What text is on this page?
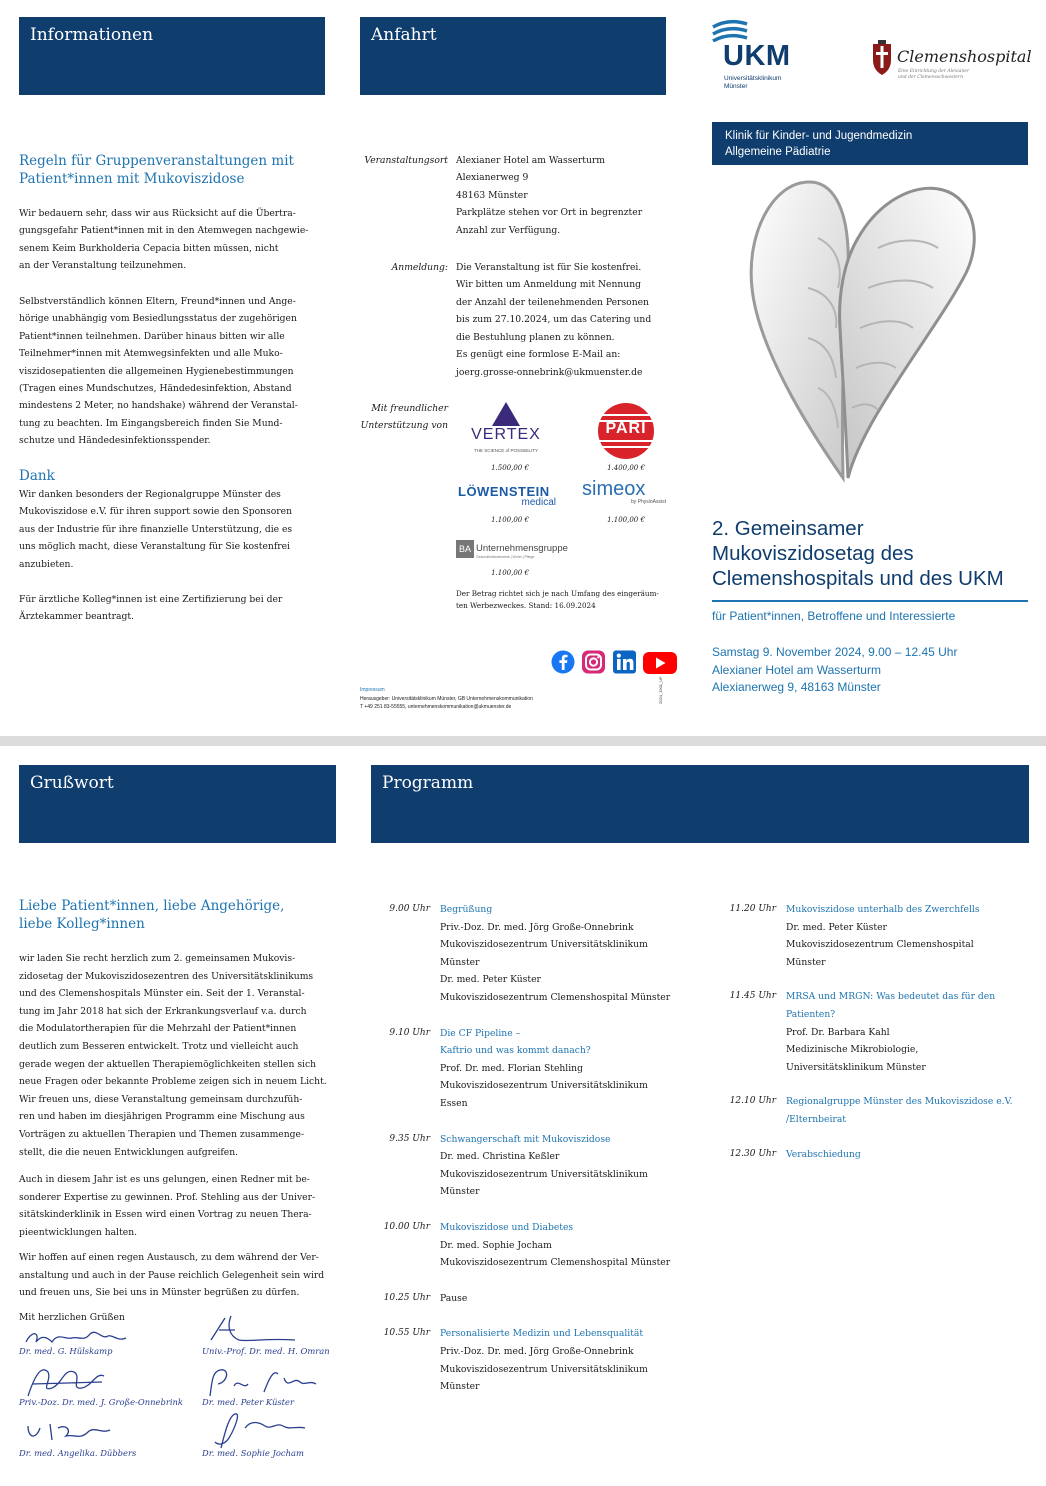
Informationen
Regeln für Gruppenveranstaltungen mit Patient*innen mit Mukoviszidose
Wir bedauern sehr, dass wir aus Rücksicht auf die Übertra-
gungsgefahr Patient*innen mit in den Atemwegen nachgewie-
senem Keim Burkholderia Cepacia bitten müssen, nicht
an der Veranstaltung teilzunehmen.
Selbstverständlich können Eltern, Freund*innen und Ange-
hörige unabhängig vom Besiedlungsstatus der zugehörigen
Patient*innen teilnehmen. Darüber hinaus bitten wir alle
Teilnehmer*innen mit Atemwegsinfekten und alle Muko-
viszidosepatienten die allgemeinen Hygienebestimmungen
(Tragen eines Mundschutzes, Händedesinfektion, Abstand
mindestens 2 Meter, no handshake) während der Veranstal-
tung zu beachten. Im Eingangsbereich finden Sie Mund-
schutze und Händedesinfektionsspender.
Dank
Wir danken besonders der Regionalgruppe Münster des
Mukoviszidose e.V. für ihren support sowie den Sponsoren
aus der Industrie für ihre finanzielle Unterstützung, die es
uns möglich macht, diese Veranstaltung für Sie kostenfrei
anzubieten.
Für ärztliche Kolleg*innen ist eine Zertifizierung bei der
Ärztekammer beantragt.
Anfahrt
Veranstaltungsort Alexianer Hotel am Wasserturm
Alexianerweg 9
48163 Münster
Parkplätze stehen vor Ort in begrenzter
Anzahl zur Verfügung.
Anmeldung: Die Veranstaltung ist für Sie kostenfrei.
Wir bitten um Anmeldung mit Nennung
der Anzahl der teilenehmenden Personen
bis zum 27.10.2024, um das Catering und
die Bestuhlung planen zu können.
Es genügt eine formlose E-Mail an:
joerg.grosse-onnebrink@ukmuenster.de
Mit freundlicher
Unterstützung von
VERTEX
THE SCIENCE of POSSIBILITY
1.500,00 €
PARI
1.400,00 €
LÖWENSTEIN
medical
1.100,00 €
simeox
by PhysioAssist
1.100,00 €
BA Unternehmensgruppe
Gesundheitsnetzwerk | Wohn | Pflege
1.100,00 €
Der Betrag richtet sich je nach Umfang des eingeräum-
ten Werbezweckes. Stand: 16.09.2024
Impressum
Herausgeber: Universitätsklinikum Münster, GB Unternehmenskommunikation
T +49 251 83-55555, unternehmenskommunikation@ukmuenster.de
2024_1901_UF
UKM
Universitätsklinikum
Münster
Clemenshospital
Eine Einrichtung der Alexianer
und der Clemensschwestern
Klinik für Kinder- und Jugendmedizin
Allgemeine Pädiatrie
2. Gemeinsamer
Mukoviszidosetag des
Clemenshospitals und des UKM
für Patient*innen, Betroffene und Interessierte
Samstag 9. November 2024, 9.00 – 12.45 Uhr
Alexianer Hotel am Wasserturm
Alexianerweg 9, 48163 Münster
Grußwort
Liebe Patient*innen, liebe Angehörige,
liebe Kolleg*innen
wir laden Sie recht herzlich zum 2. gemeinsamen Mukovis-
zidosetag der Mukoviszidosezentren des Universitätsklinikums
und des Clemenshospitals Münster ein. Seit der 1. Veranstal-
tung im Jahr 2018 hat sich der Erkrankungsverlauf v.a. durch
die Modulatortherapien für die Mehrzahl der Patient*innen
deutlich zum Besseren entwickelt. Trotz und vielleicht auch
gerade wegen der aktuellen Therapiemöglichkeiten stellen sich
neue Fragen oder bekannte Probleme zeigen sich in neuem Licht.
Wir freuen uns, diese Veranstaltung gemeinsam durchzufüh-
ren und haben im diesjährigen Programm eine Mischung aus
Vorträgen zu aktuellen Therapien und Themen zusammenge-
stellt, die die neuen Entwicklungen aufgreifen.
Auch in diesem Jahr ist es uns gelungen, einen Redner mit be-
sonderer Expertise zu gewinnen. Prof. Stehling aus der Univer-
sitätskinderklinik in Essen wird einen Vortrag zu neuen Thera-
pieentwicklungen halten.
Wir hoffen auf einen regen Austausch, zu dem während der Ver-
anstaltung und auch in der Pause reichlich Gelegenheit sein wird
und freuen uns, Sie bei uns in Münster begrüßen zu dürfen.
Mit herzlichen Grüßen
Dr. med. G. Hülskamp	Univ.-Prof. Dr. med. H. Omran
Priv.-Doz. Dr. med. J. Große-Onnebrink Dr. med. Peter Küster
Dr. med. Angelika. Dübbers	Dr. med. Sophie Jocham
Programm
9.00 Uhr Begrüßung
Priv.-Doz. Dr. med. Jörg Große-Onnebrink
Mukoviszidosezentrum Universitätsklinikum
Münster
Dr. med. Peter Küster
Mukoviszidosezentrum Clemenshospital Münster
9.10 Uhr Die CF Pipeline –
Kaftrio und was kommt danach?
Prof. Dr. med. Florian Stehling
Mukoviszidosezentrum Universitätsklinikum
Essen
9.35 Uhr Schwangerschaft mit Mukoviszidose
Dr. med. Christina Keßler
Mukoviszidosezentrum Universitätsklinikum
Münster
10.00 Uhr Mukoviszidose und Diabetes
Dr. med. Sophie Jocham
Mukoviszidosezentrum Clemenshospital Münster
10.25 Uhr Pause
10.55 Uhr Personalisierte Medizin und Lebensqualität
Priv.-Doz. Dr. med. Jörg Große-Onnebrink
Mukoviszidosezentrum Universitätsklinikum
Münster
11.20 Uhr Mukoviszidose unterhalb des Zwerchfells
Dr. med. Peter Küster
Mukoviszidosezentrum Clemenshospital
Münster
11.45 Uhr MRSA und MRGN: Was bedeutet das für den
Patienten?
Prof. Dr. Barbara Kahl
Medizinische Mikrobiologie,
Universitätsklinikum Münster
12.10 Uhr Regionalgruppe Münster des Mukoviszidose e.V.
/Elternbeirat
12.30 Uhr Verabschiedung
